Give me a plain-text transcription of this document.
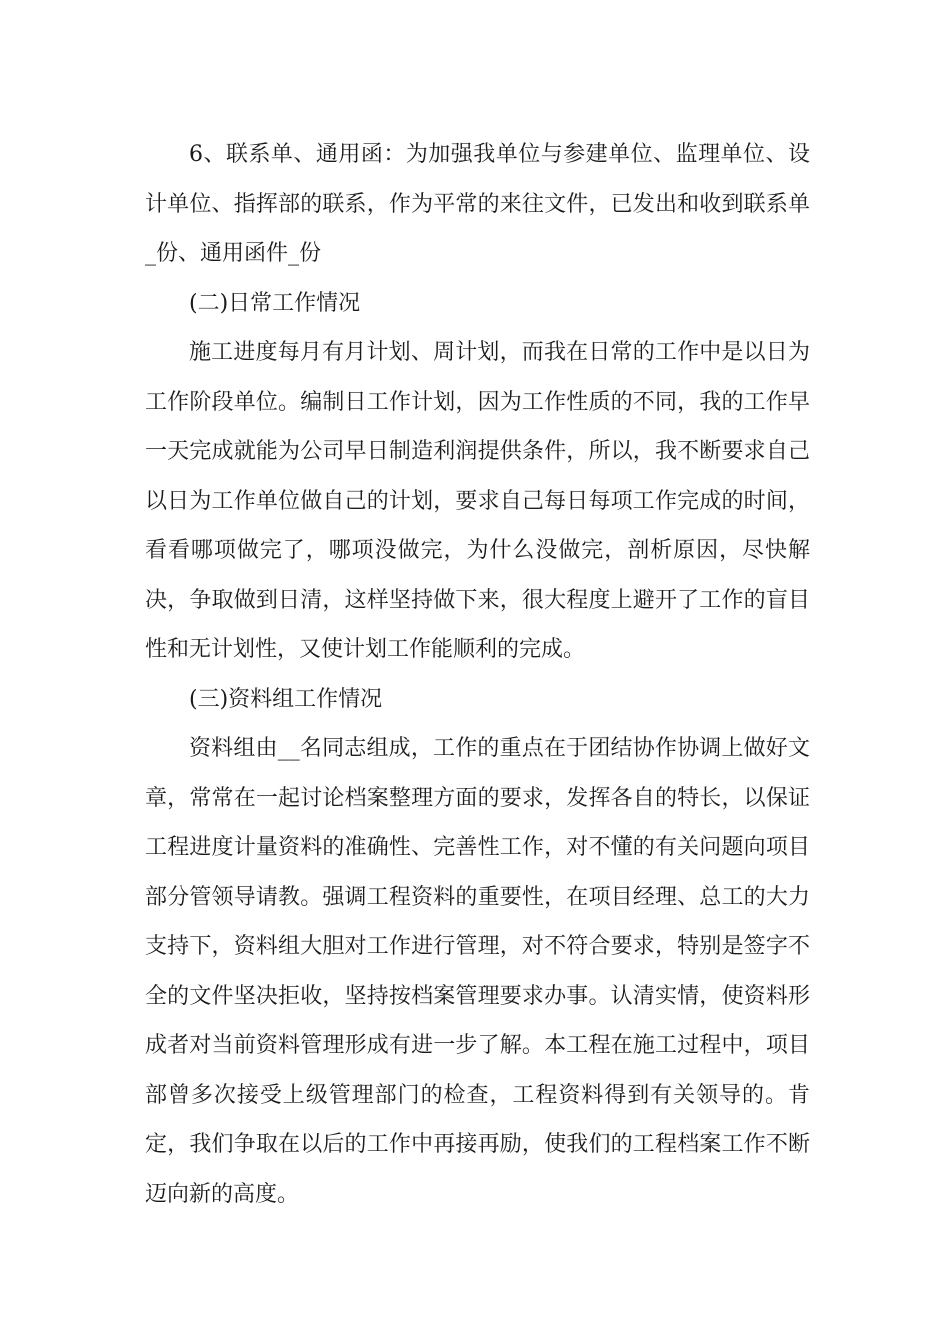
6、联系单、通用函：为加强我单位与参建单位、监理单位、设计单位、指挥部的联系，作为平常的来往文件，已发出和收到联系单_份、通用函件_份

(二)日常工作情况

施工进度每月有月计划、周计划，而我在日常的工作中是以日为工作阶段单位。编制日工作计划，因为工作性质的不同，我的工作早一天完成就能为公司早日制造利润提供条件，所以，我不断要求自己以日为工作单位做自己的计划，要求自己每日每项工作完成的时间，看看哪项做完了，哪项没做完，为什么没做完，剖析原因，尽快解决，争取做到日清，这样坚持做下来，很大程度上避开了工作的盲目性和无计划性，又使计划工作能顺利的完成。

(三)资料组工作情况

资料组由__名同志组成，工作的重点在于团结协作协调上做好文章，常常在一起讨论档案整理方面的要求，发挥各自的特长，以保证工程进度计量资料的准确性、完善性工作，对不懂的有关问题向项目部分管领导请教。强调工程资料的重要性，在项目经理、总工的大力支持下，资料组大胆对工作进行管理，对不符合要求，特别是签字不全的文件坚决拒收，坚持按档案管理要求办事。认清实情，使资料形成者对当前资料管理形成有进一步了解。本工程在施工过程中，项目部曾多次接受上级管理部门的检查，工程资料得到有关领导的。肯定，我们争取在以后的工作中再接再励，使我们的工程档案工作不断迈向新的高度。
